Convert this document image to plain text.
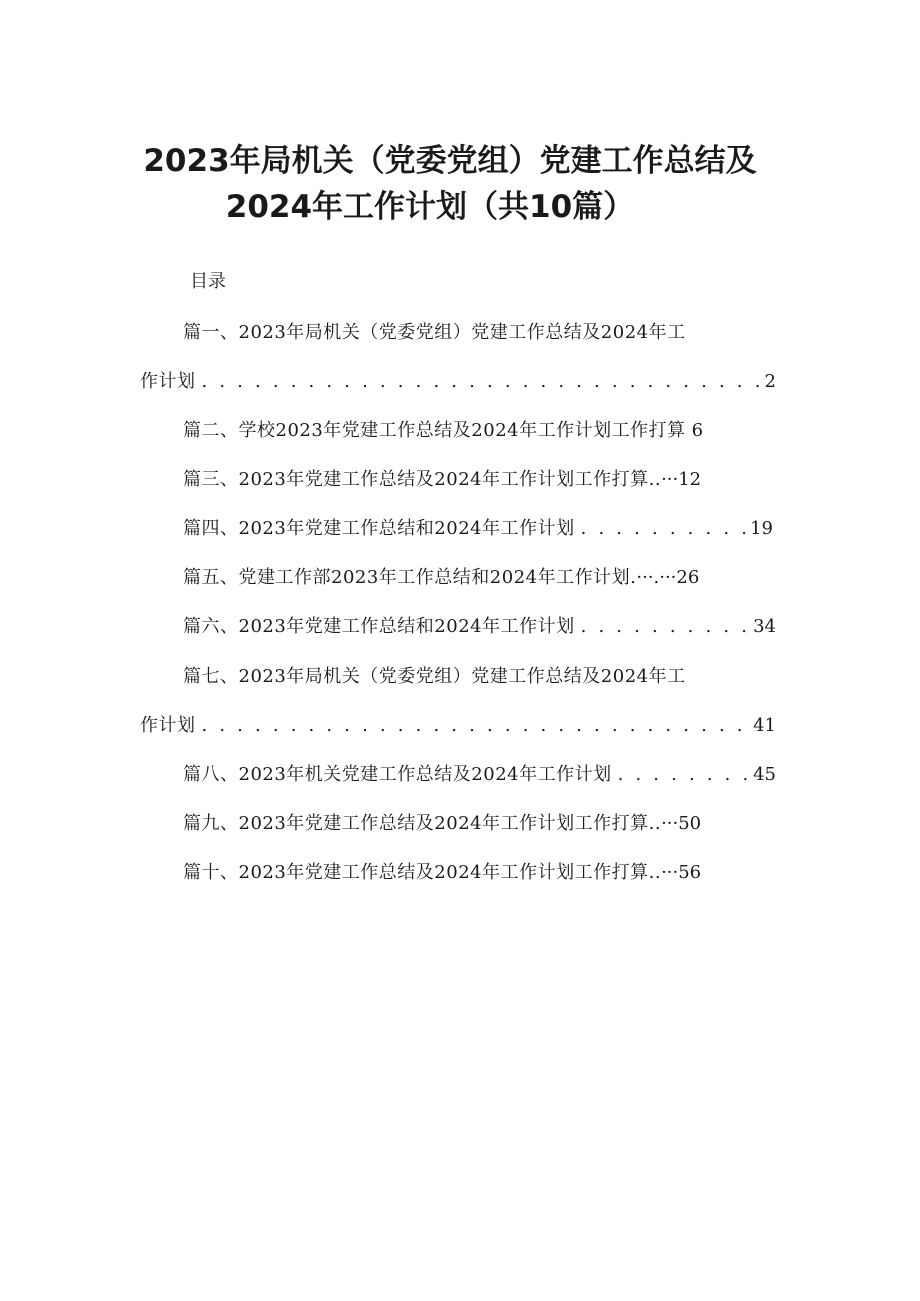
2023年局机关（党委党组）党建工作总结及
2024年工作计划（共10篇）
目录
篇一、2023年局机关（党委党组）党建工作总结及2024年工
作计划 . . .	2
篇二、学校2023年党建工作总结及2024年工作计划工作打算 6
篇三、2023年党建工作总结及2024年工作计划工作打算.. ···12
篇四、2023年党建工作总结和2024年工作计划 . . .	19
篇五、党建工作部2023年工作总结和2024年工作计划. ···.···26
篇六、2023年党建工作总结和2024年工作计划 . . .	34
篇七、2023年局机关（党委党组）党建工作总结及2024年工
作计划 . . .	41
篇八、2023年机关党建工作总结及2024年工作计划 . . .	45
篇九、2023年党建工作总结及2024年工作计划工作打算.. ···50
篇十、2023年党建工作总结及2024年工作计划工作打算.. ···56
